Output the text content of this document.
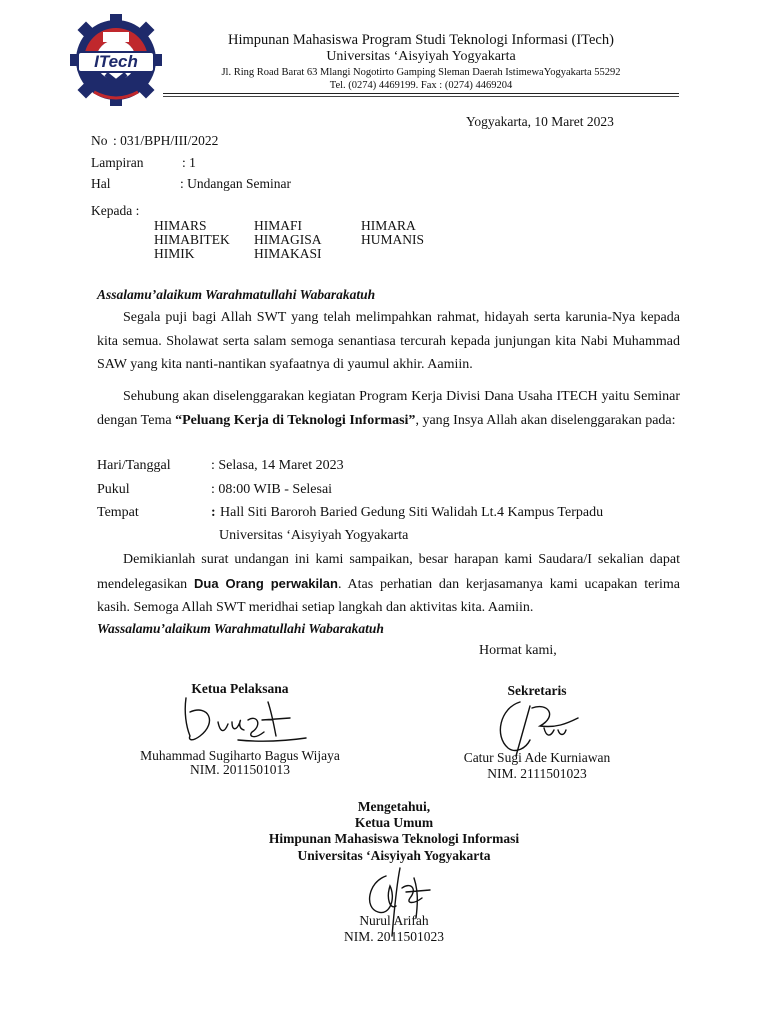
ITech
Himpunan Mahasiswa Program Studi Teknologi Informasi (ITech)
Universitas ‘Aisyiyah Yogyakarta
Jl. Ring Road Barat 63 Mlangi Nogotirto Gamping Sleman Daerah IstimewaYogyakarta 55292
Tel. (0274) 4469199. Fax : (0274) 4469204
Yogyakarta, 10 Maret 2023
No : 031/BPH/III/2022
Lampiran	: 1
Hal	: Undangan Seminar
Kepada :
HIMARS
HIMABITEK
HIMIK
HIMAFI
HIMAGISA
HIMAKASI
HIMARA
HUMANIS
Assalamu’alaikum Warahmatullahi Wabarakatuh
Segala puji bagi Allah SWT yang telah melimpahkan rahmat, hidayah serta karunia-Nya kepada kita semua. Sholawat serta salam semoga senantiasa tercurah kepada junjungan kita Nabi Muhammad SAW yang kita nanti-nantikan syafaatnya di yaumul akhir. Aamiin.
Sehubung akan diselenggarakan kegiatan Program Kerja Divisi Dana Usaha ITECH yaitu Seminar dengan Tema “Peluang Kerja di Teknologi Informasi”, yang Insya Allah akan diselenggarakan pada:
Hari/Tanggal	: Selasa, 14 Maret 2023
Pukul	: 08:00 WIB - Selesai
Tempat	: Hall Siti Baroroh Baried Gedung Siti Walidah Lt.4 Kampus Terpadu
Universitas ‘Aisyiyah Yogyakarta
Demikianlah surat undangan ini kami sampaikan, besar harapan kami Saudara/I sekalian dapat mendelegasikan Dua Orang perwakilan. Atas perhatian dan kerjasamanya kami ucapakan terima kasih. Semoga Allah SWT meridhai setiap langkah dan aktivitas kita. Aamiin.
Wassalamu’alaikum Warahmatullahi Wabarakatuh
Hormat kami,
Ketua Pelaksana
Muhammad Sugiharto Bagus Wijaya
NIM. 2011501013
Sekretaris
Catur Sugi Ade Kurniawan
NIM. 2111501023
Mengetahui,
Ketua Umum
Himpunan Mahasiswa Teknologi Informasi
Universitas ‘Aisyiyah Yogyakarta
Nurul Arifah
NIM. 2011501023
